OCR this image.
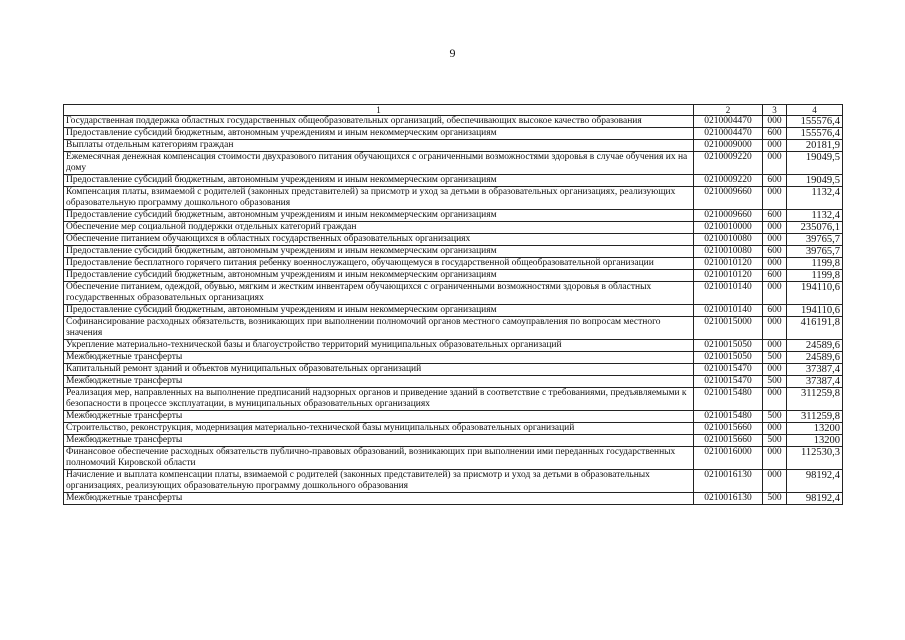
9
1	2	3	4
Государственная поддержка областных государственных общеобразовательных организаций, обеспечивающих высокое качество образования	0210004470	000	155576,4
Предоставление субсидий бюджетным, автономным учреждениям и иным некоммерческим организациям	0210004470	600	155576,4
Выплаты отдельным категориям граждан	0210009000	000	20181,9
Ежемесячная денежная компенсация стоимости двухразового питания обучающихся с ограниченными возможностями здоровья в случае обучения их на дому	0210009220	000	19049,5
Предоставление субсидий бюджетным, автономным учреждениям и иным некоммерческим организациям	0210009220	600	19049,5
Компенсация платы, взимаемой с родителей (законных представителей) за присмотр и уход за детьми в образовательных организациях, реализующих образовательную программу дошкольного образования	0210009660	000	1132,4
Предоставление субсидий бюджетным, автономным учреждениям и иным некоммерческим организациям	0210009660	600	1132,4
Обеспечение мер социальной поддержки отдельных категорий граждан	0210010000	000	235076,1
Обеспечение питанием обучающихся в областных государственных образовательных организациях	0210010080	000	39765,7
Предоставление субсидий бюджетным, автономным учреждениям и иным некоммерческим организациям	0210010080	600	39765,7
Предоставление бесплатного горячего питания ребенку военнослужащего, обучающемуся в государственной общеобразовательной организации	0210010120	000	1199,8
Предоставление субсидий бюджетным, автономным учреждениям и иным некоммерческим организациям	0210010120	600	1199,8
Обеспечение питанием, одеждой, обувью, мягким и жестким инвентарем обучающихся с ограниченными возможностями здоровья в областных государственных образовательных организациях	0210010140	000	194110,6
Предоставление субсидий бюджетным, автономным учреждениям и иным некоммерческим организациям	0210010140	600	194110,6
Софинансирование расходных обязательств, возникающих при выполнении полномочий органов местного самоуправления по вопросам местного значения	0210015000	000	416191,8
Укрепление материально-технической базы и благоустройство территорий муниципальных образовательных организаций	0210015050	000	24589,6
Межбюджетные трансферты	0210015050	500	24589,6
Капитальный ремонт зданий и объектов муниципальных образовательных организаций	0210015470	000	37387,4
Межбюджетные трансферты	0210015470	500	37387,4
Реализация мер, направленных на выполнение предписаний надзорных органов и приведение зданий в соответствие с требованиями, предъявляемыми к безопасности в процессе эксплуатации, в муниципальных образовательных организациях	0210015480	000	311259,8
Межбюджетные трансферты	0210015480	500	311259,8
Строительство, реконструкция, модернизация материально-технической базы муниципальных образовательных организаций	0210015660	000	13200
Межбюджетные трансферты	0210015660	500	13200
Финансовое обеспечение расходных обязательств публично-правовых образований, возникающих при выполнении ими переданных государственных полномочий Кировской области	0210016000	000	112530,3
Начисление и выплата компенсации платы, взимаемой с родителей (законных представителей) за присмотр и уход за детьми в образовательных организациях, реализующих образовательную программу дошкольного образования	0210016130	000	98192,4
Межбюджетные трансферты	0210016130	500	98192,4
